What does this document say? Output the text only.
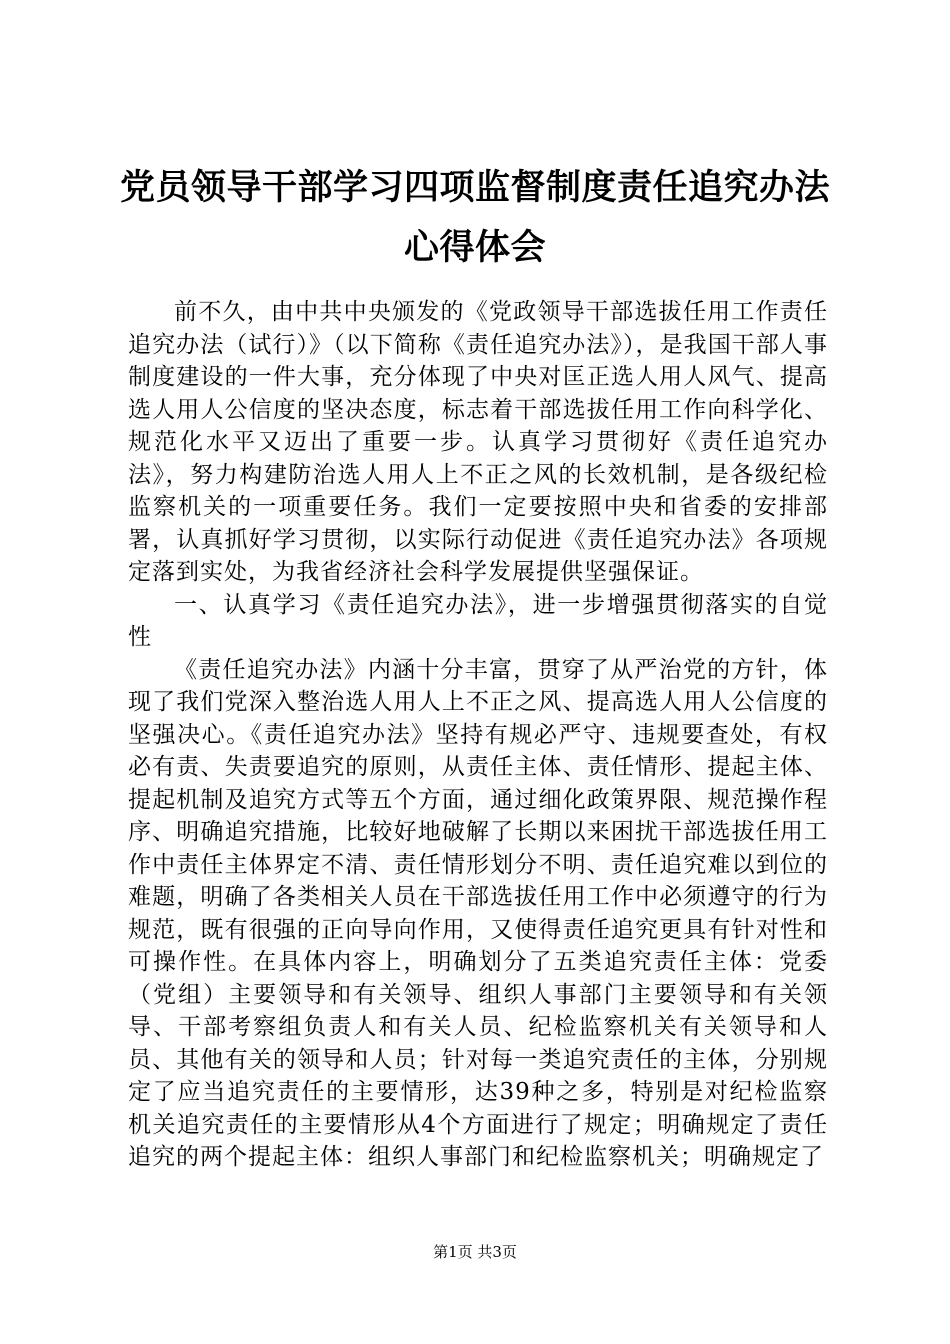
党员领导干部学习四项监督制度责任追究办法
心得体会

前不久，由中共中央颁发的《党政领导干部选拔任用工作责任追究办法（试行）》（以下简称《责任追究办法》），是我国干部人事制度建设的一件大事，充分体现了中央对匡正选人用人风气、提高选人用人公信度的坚决态度，标志着干部选拔任用工作向科学化、规范化水平又迈出了重要一步。认真学习贯彻好《责任追究办法》，努力构建防治选人用人上不正之风的长效机制，是各级纪检监察机关的一项重要任务。我们一定要按照中央和省委的安排部署，认真抓好学习贯彻，以实际行动促进《责任追究办法》各项规定落到实处，为我省经济社会科学发展提供坚强保证。

一、认真学习《责任追究办法》，进一步增强贯彻落实的自觉性

《责任追究办法》内涵十分丰富，贯穿了从严治党的方针，体现了我们党深入整治选人用人上不正之风、提高选人用人公信度的坚强决心。《责任追究办法》坚持有规必严守、违规要查处，有权必有责、失责要追究的原则，从责任主体、责任情形、提起主体、提起机制及追究方式等五个方面，通过细化政策界限、规范操作程序、明确追究措施，比较好地破解了长期以来困扰干部选拔任用工作中责任主体界定不清、责任情形划分不明、责任追究难以到位的难题，明确了各类相关人员在干部选拔任用工作中必须遵守的行为规范，既有很强的正向导向作用，又使得责任追究更具有针对性和可操作性。在具体内容上，明确划分了五类追究责任主体：党委（党组）主要领导和有关领导、组织人事部门主要领导和有关领导、干部考察组负责人和有关人员、纪检监察机关有关领导和人员、其他有关的领导和人员；针对每一类追究责任的主体，分别规定了应当追究责任的主要情形，达39种之多，特别是对纪检监察机关追究责任的主要情形从4个方面进行了规定；明确规定了责任追究的两个提起主体：组织人事部门和纪检监察机关；明确规定了

第1页 共3页
